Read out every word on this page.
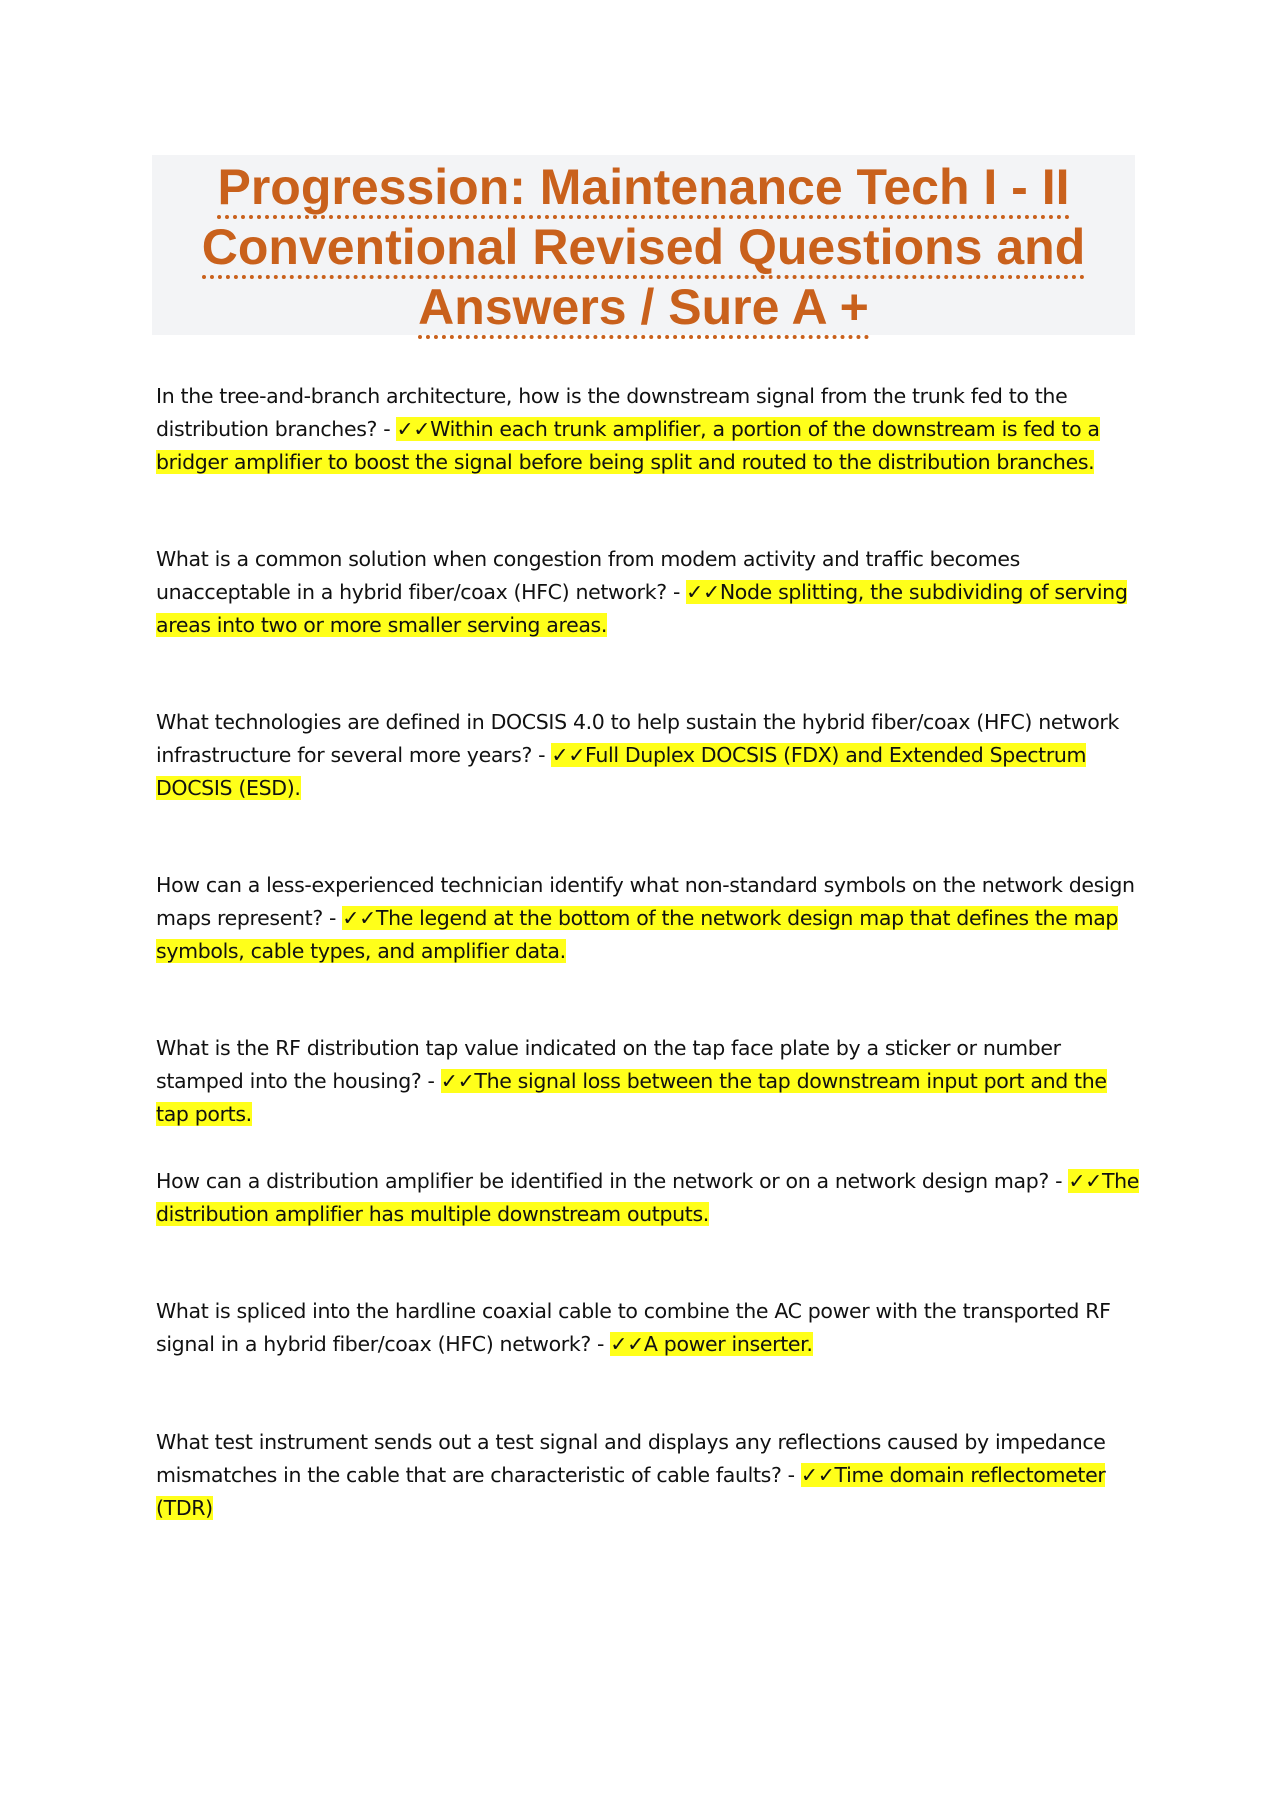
Progression: Maintenance Tech I - II
Conventional Revised Questions and
Answers / Sure A +

In the tree-and-branch architecture, how is the downstream signal from the trunk fed to the distribution branches? - ✓✓Within each trunk amplifier, a portion of the downstream is fed to a bridger amplifier to boost the signal before being split and routed to the distribution branches.

What is a common solution when congestion from modem activity and traffic becomes unacceptable in a hybrid fiber/coax (HFC) network? - ✓✓Node splitting, the subdividing of serving areas into two or more smaller serving areas.

What technologies are defined in DOCSIS 4.0 to help sustain the hybrid fiber/coax (HFC) network infrastructure for several more years? - ✓✓Full Duplex DOCSIS (FDX) and Extended Spectrum DOCSIS (ESD).

How can a less-experienced technician identify what non-standard symbols on the network design maps represent? - ✓✓The legend at the bottom of the network design map that defines the map symbols, cable types, and amplifier data.

What is the RF distribution tap value indicated on the tap face plate by a sticker or number stamped into the housing? - ✓✓The signal loss between the tap downstream input port and the tap ports.

How can a distribution amplifier be identified in the network or on a network design map? - ✓✓The distribution amplifier has multiple downstream outputs.

What is spliced into the hardline coaxial cable to combine the AC power with the transported RF signal in a hybrid fiber/coax (HFC) network? - ✓✓A power inserter.

What test instrument sends out a test signal and displays any reflections caused by impedance mismatches in the cable that are characteristic of cable faults? - ✓✓Time domain reflectometer (TDR)
